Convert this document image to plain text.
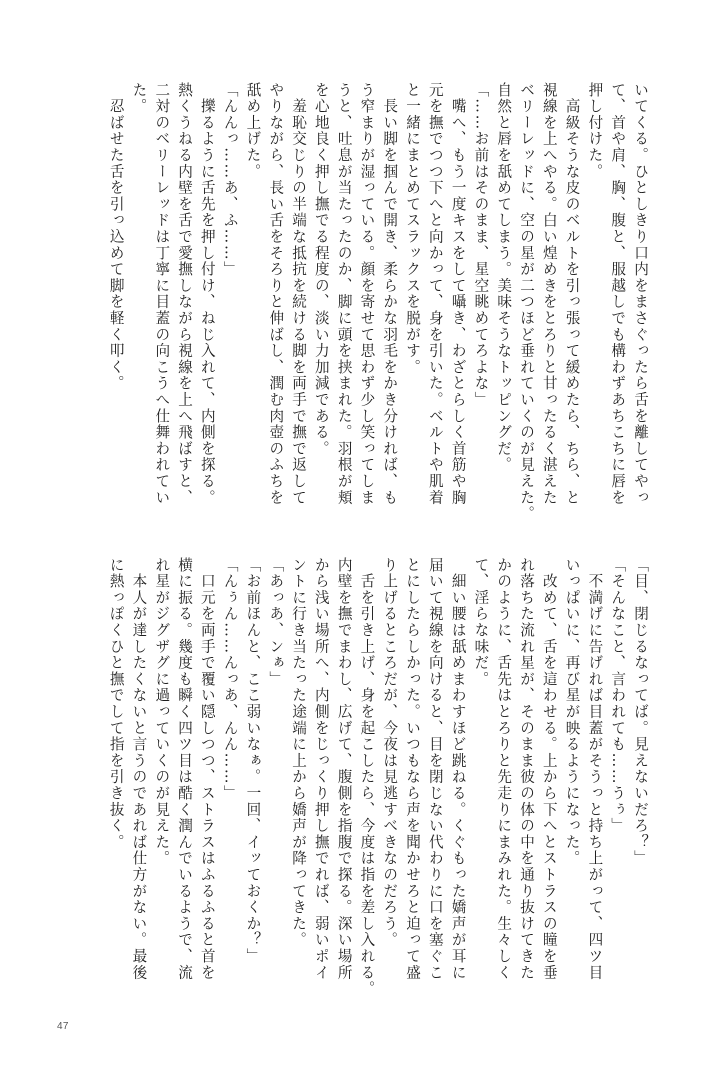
いてくる。ひとしきり口内をまさぐったら舌を離してやっ
て、首や肩、胸、腹と、服越しでも構わずあちこちに唇を
押し付けた。
　高級そうな皮のベルトを引っ張って緩めたら、ちら、と
視線を上へやる。白い煌めきをとろりと甘ったるく湛えた
ベリーレッドに、空の星が二つほど垂れていくのが見えた。
自然と唇を舐めてしまう。美味そうなトッピングだ。
「……お前はそのまま、星空眺めてろよな」
　嘴へ、もう一度キスをして囁き、わざとらしく首筋や胸
元を撫でつつ下へと向かって、身を引いた。ベルトや肌着
と一緒にまとめてスラックスを脱がす。
　長い脚を掴んで開き、柔らかな羽毛をかき分ければ、も
う窄まりが湿っている。顔を寄せて思わず少し笑ってしま
うと、吐息が当たったのか、脚に頭を挟まれた。羽根が頬
を心地良く押し撫でる程度の、淡い力加減である。
　羞恥交じりの半端な抵抗を続ける脚を両手で撫で返して
やりながら、長い舌をそろりと伸ばし、潤む肉壺のふちを
舐め上げた。
「んんっ……あ、ふ……」
　擽るように舌先を押し付け、ねじ入れて、内側を探る。
熱くうねる内壁を舌で愛撫しながら視線を上へ飛ばすと、
二対のベリーレッドは丁寧に目蓋の向こうへ仕舞われてい
た。
　忍ばせた舌を引っ込めて脚を軽く叩く。
「目、閉じるなってば。見えないだろ？」
「そんなこと、言われても……うぅ」
　不満げに告げれば目蓋がそうっと持ち上がって、四ツ目
いっぱいに、再び星が映るようになった。
　改めて、舌を這わせる。上から下へとストラスの瞳を垂
れ落ちた流れ星が、そのまま彼の体の中を通り抜けてきた
かのように、舌先はとろりと先走りにまみれた。生々しく
て、淫らな味だ。
　細い腰は舐めまわすほど跳ねる。くぐもった嬌声が耳に
届いて視線を向けると、目を閉じない代わりに口を塞ぐこ
とにしたらしかった。いつもなら声を聞かせろと迫って盛
り上げるところだが、今夜は見逃すべきなのだろう。
　舌を引き上げ、身を起こしたら、今度は指を差し入れる。
内壁を撫でまわし、広げて、腹側を指腹で探る。深い場所
から浅い場所へ、内側をじっくり押し撫でれば、弱いポイ
ントに行き当たった途端に上から嬌声が降ってきた。
「あっあ、ンぁ」
「お前ほんと、ここ弱いなぁ。一回、イッておくか？」
「んぅん……んっあ、んん……」
　口元を両手で覆い隠しつつ、ストラスはふるふると首を
横に振る。幾度も瞬く四ツ目は酷く潤んでいるようで、流
れ星がジグザグに過っていくのが見えた。
　本人が達したくないと言うのであれば仕方がない。最後
に熱っぽくひと撫でして指を引き抜く。
47
